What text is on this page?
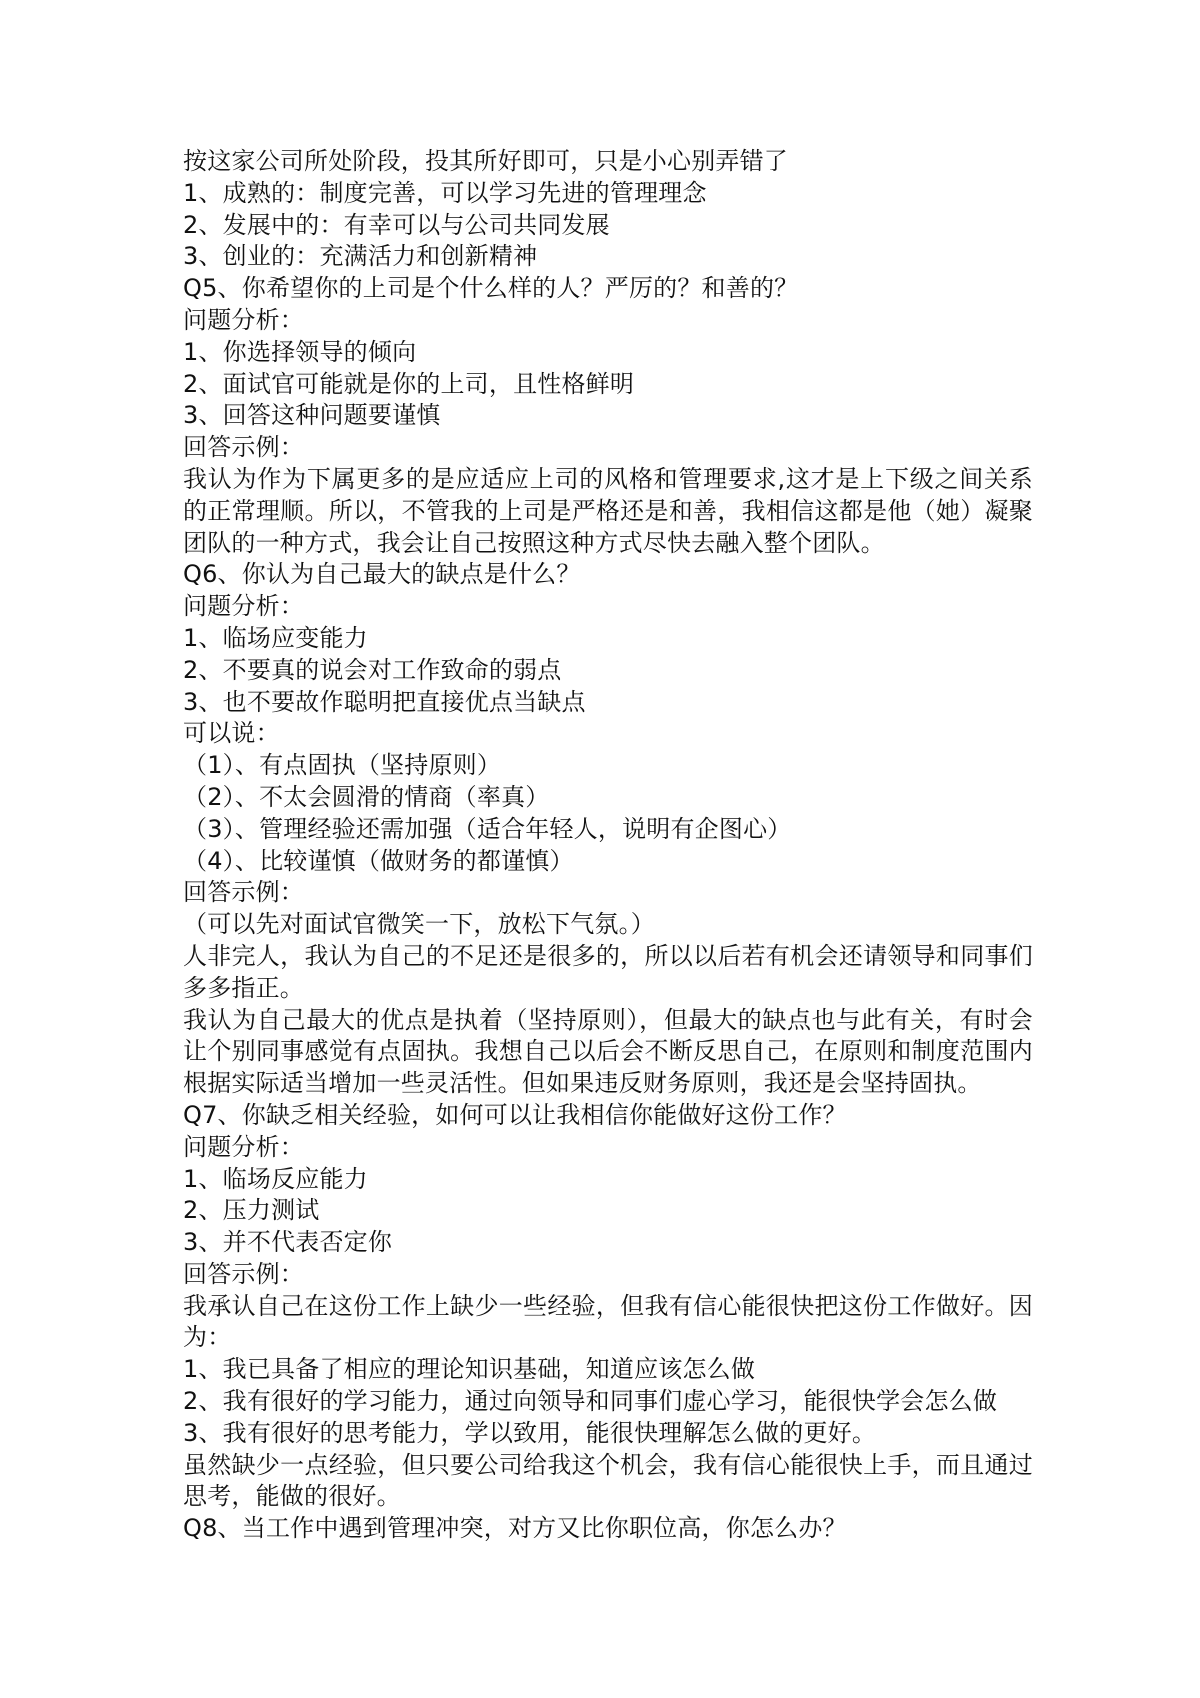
按这家公司所处阶段，投其所好即可，只是小心别弄错了
1、成熟的：制度完善，可以学习先进的管理理念
2、发展中的：有幸可以与公司共同发展
3、创业的：充满活力和创新精神
Q5、你希望你的上司是个什么样的人？严厉的？和善的？
问题分析：
1、你选择领导的倾向
2、面试官可能就是你的上司，且性格鲜明
3、回答这种问题要谨慎
回答示例：
我认为作为下属更多的是应适应上司的风格和管理要求,这才是上下级之间关系的正常理顺。所以，不管我的上司是严格还是和善，我相信这都是他（她）凝聚团队的一种方式，我会让自己按照这种方式尽快去融入整个团队。
Q6、你认为自己最大的缺点是什么？
问题分析：
1、临场应变能力
2、不要真的说会对工作致命的弱点
3、也不要故作聪明把直接优点当缺点
可以说：
（1）、有点固执（坚持原则）
（2）、不太会圆滑的情商（率真）
（3）、管理经验还需加强（适合年轻人，说明有企图心）
（4）、比较谨慎（做财务的都谨慎）
回答示例：
（可以先对面试官微笑一下，放松下气氛。）
人非完人，我认为自己的不足还是很多的，所以以后若有机会还请领导和同事们多多指正。
我认为自己最大的优点是执着（坚持原则），但最大的缺点也与此有关，有时会让个别同事感觉有点固执。我想自己以后会不断反思自己，在原则和制度范围内根据实际适当增加一些灵活性。但如果违反财务原则，我还是会坚持固执。
Q7、你缺乏相关经验，如何可以让我相信你能做好这份工作？
问题分析：
1、临场反应能力
2、压力测试
3、并不代表否定你
回答示例：
我承认自己在这份工作上缺少一些经验，但我有信心能很快把这份工作做好。因为：
1、我已具备了相应的理论知识基础，知道应该怎么做
2、我有很好的学习能力，通过向领导和同事们虚心学习，能很快学会怎么做
3、我有很好的思考能力，学以致用，能很快理解怎么做的更好。
虽然缺少一点经验，但只要公司给我这个机会，我有信心能很快上手，而且通过思考，能做的很好。
Q8、当工作中遇到管理冲突，对方又比你职位高，你怎么办？
